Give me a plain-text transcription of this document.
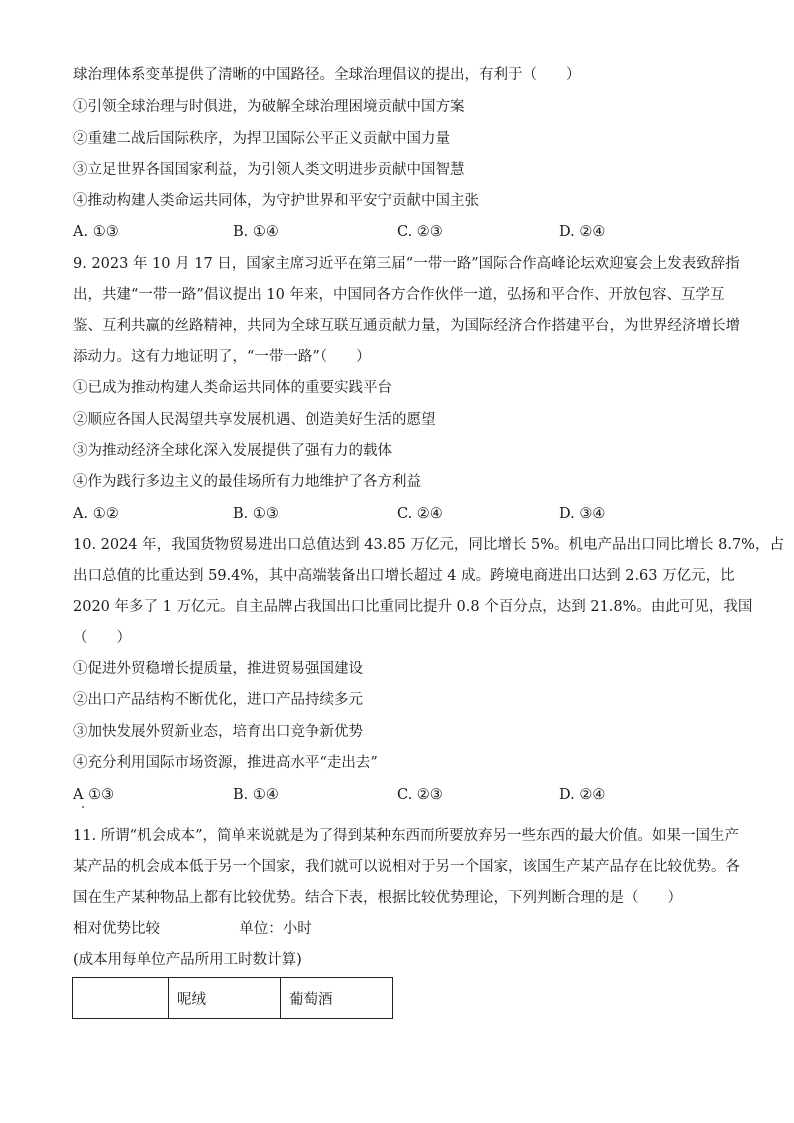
球治理体系变革提供了清晰的中国路径。全球治理倡议的提出，有利于（　　）
①引领全球治理与时俱进，为破解全球治理困境贡献中国方案
②重建二战后国际秩序，为捍卫国际公平正义贡献中国力量
③立足世界各国国家利益，为引领人类文明进步贡献中国智慧
④推动构建人类命运共同体，为守护世界和平安宁贡献中国主张
A. ①③	B. ①④	C. ②③	D. ②④
9. 2023 年 10 月 17 日，国家主席习近平在第三届“一带一路”国际合作高峰论坛欢迎宴会上发表致辞指
出，共建“一带一路”倡议提出 10 年来，中国同各方合作伙伴一道，弘扬和平合作、开放包容、互学互
鉴、互利共赢的丝路精神，共同为全球互联互通贡献力量，为国际经济合作搭建平台，为世界经济增长增
添动力。这有力地证明了，“一带一路”（　　）
①已成为推动构建人类命运共同体的重要实践平台
②顺应各国人民渴望共享发展机遇、创造美好生活的愿望
③为推动经济全球化深入发展提供了强有力的载体
④作为践行多边主义的最佳场所有力地维护了各方利益
A. ①②	B. ①③	C. ②④	D. ③④
10. 2024 年，我国货物贸易进出口总值达到 43.85 万亿元，同比增长 5%。机电产品出口同比增长 8.7%，占
出口总值的比重达到 59.4%，其中高端装备出口增长超过 4 成。跨境电商进出口达到 2.63 万亿元，比
2020 年多了 1 万亿元。自主品牌占我国出口比重同比提升 0.8 个百分点，达到 21.8%。由此可见，我国
（　　）
①促进外贸稳增长提质量，推进贸易强国建设
②出口产品结构不断优化，进口产品持续多元
③加快发展外贸新业态，培育出口竞争新优势
④充分利用国际市场资源，推进高水平“走出去”
A ①③	B. ①④	C. ②③	D. ②④
11. 所谓“机会成本”，简单来说就是为了得到某种东西而所要放弃另一些东西的最大价值。如果一国生产
某产品的机会成本低于另一个国家，我们就可以说相对于另一个国家，该国生产某产品存在比较优势。各
国在生产某种物品上都有比较优势。结合下表，根据比较优势理论，下列判断合理的是（　　）
相对优势比较	单位：小时
(成本用每单位产品所用工时数计算)
	呢绒	葡萄酒
